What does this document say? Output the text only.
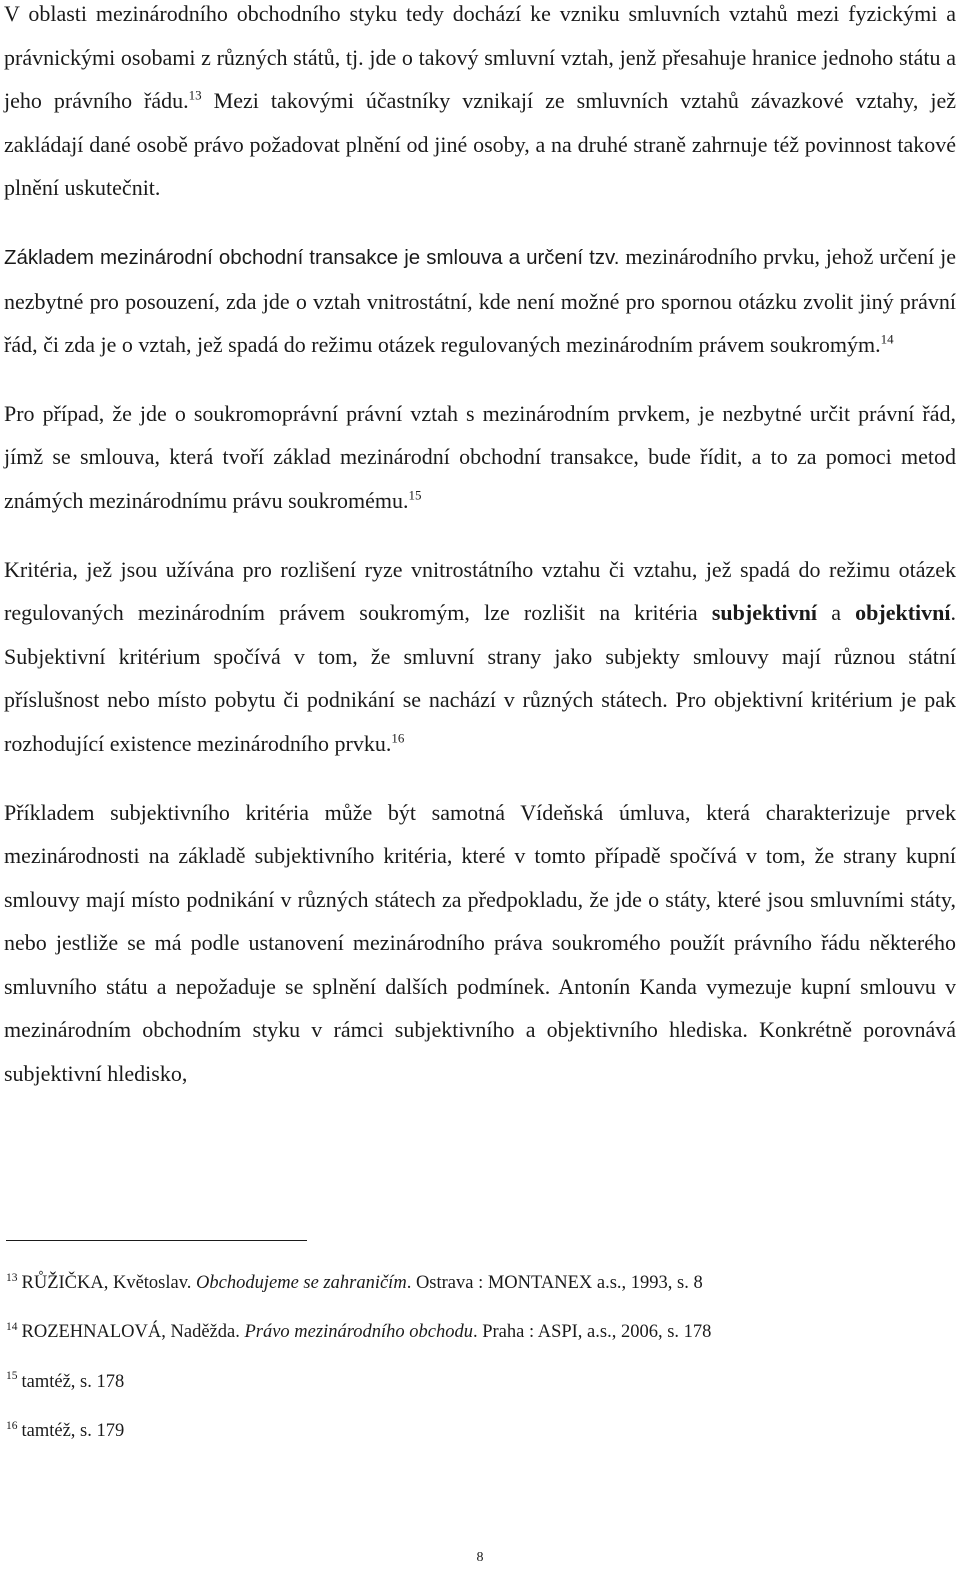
V oblasti mezinárodního obchodního styku tedy dochází ke vzniku smluvních vztahů mezi fyzickými a právnickými osobami z různých států, tj. jde o takový smluvní vztah, jenž přesahuje hranice jednoho státu a jeho právního řádu.$^{13}$ Mezi takovými účastníky vznikají ze smluvních vztahů závazkové vztahy, jež zakládají dané osobě právo požadovat plnění od jiné osoby, a na druhé straně zahrnuje též povinnost takové plnění uskutečnit.

Základem mezinárodní obchodní transakce je smlouva a určení tzv. mezinárodního prvku, jehož určení je nezbytné pro posouzení, zda jde o vztah vnitrostátní, kde není možné pro spornou otázku zvolit jiný právní řád, či zda je o vztah, jež spadá do režimu otázek regulovaných mezinárodním právem soukromým.$^{14}$

Pro případ, že jde o soukromoprávní právní vztah s mezinárodním prvkem, je nezbytné určit právní řád, jímž se smlouva, která tvoří základ mezinárodní obchodní transakce, bude řídit, a to za pomoci metod známých mezinárodnímu právu soukromému.$^{15}$

Kritéria, jež jsou užívána pro rozlišení ryze vnitrostátního vztahu či vztahu, jež spadá do režimu otázek regulovaných mezinárodním právem soukromým, lze rozlišit na kritéria subjektivní a objektivní. Subjektivní kritérium spočívá v tom, že smluvní strany jako subjekty smlouvy mají různou státní příslušnost nebo místo pobytu či podnikání se nachází v různých státech. Pro objektivní kritérium je pak rozhodující existence mezinárodního prvku.$^{16}$

Příkladem subjektivního kritéria může být samotná Vídeňská úmluva, která charakterizuje prvek mezinárodnosti na základě subjektivního kritéria, které v tomto případě spočívá v tom, že strany kupní smlouvy mají místo podnikání v různých státech za předpokladu, že jde o státy, které jsou smluvními státy, nebo jestliže se má podle ustanovení mezinárodního práva soukromého použít právního řádu některého smluvního státu a nepožaduje se splnění dalších podmínek. Antonín Kanda vymezuje kupní smlouvu v mezinárodním obchodním styku v rámci subjektivního a objektivního hlediska. Konkrétně porovnává subjektivní hledisko,

$^{13}$ RŮŽIČKA, Květoslav. Obchodujeme se zahraničím. Ostrava : MONTANEX a.s., 1993, s. 8
$^{14}$ ROZEHNALOVÁ, Naděžda. Právo mezinárodního obchodu. Praha : ASPI, a.s., 2006, s. 178
$^{15}$ tamtéž, s. 178
$^{16}$ tamtéž, s. 179
8
